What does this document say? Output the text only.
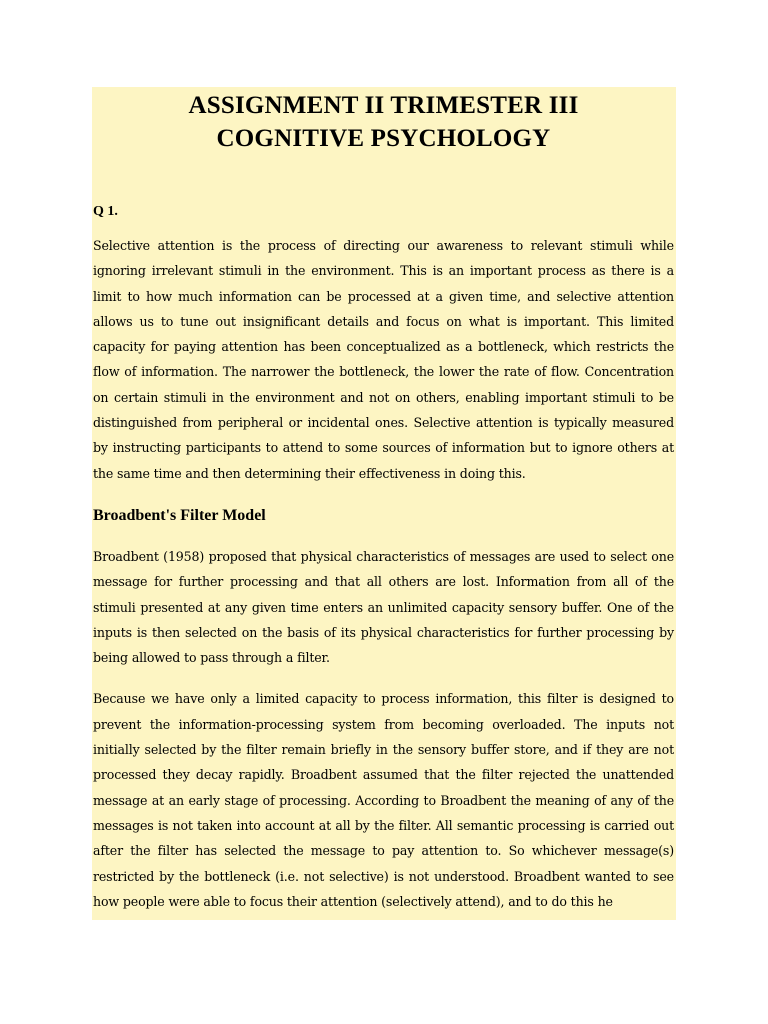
ASSIGNMENT II TRIMESTER III
COGNITIVE PSYCHOLOGY

Q 1.

Selective attention is the process of directing our awareness to relevant stimuli while ignoring irrelevant stimuli in the environment. This is an important process as there is a limit to how much information can be processed at a given time, and selective attention allows us to tune out insignificant details and focus on what is important. This limited capacity for paying attention has been conceptualized as a bottleneck, which restricts the flow of information. The narrower the bottleneck, the lower the rate of flow. Concentration on certain stimuli in the environment and not on others, enabling important stimuli to be distinguished from peripheral or incidental ones. Selective attention is typically measured by instructing participants to attend to some sources of information but to ignore others at the same time and then determining their effectiveness in doing this.

Broadbent's Filter Model

Broadbent (1958) proposed that physical characteristics of messages are used to select one message for further processing and that all others are lost. Information from all of the stimuli presented at any given time enters an unlimited capacity sensory buffer. One of the inputs is then selected on the basis of its physical characteristics for further processing by being allowed to pass through a filter.

Because we have only a limited capacity to process information, this filter is designed to prevent the information-processing system from becoming overloaded. The inputs not initially selected by the filter remain briefly in the sensory buffer store, and if they are not processed they decay rapidly. Broadbent assumed that the filter rejected the unattended message at an early stage of processing. According to Broadbent the meaning of any of the messages is not taken into account at all by the filter. All semantic processing is carried out after the filter has selected the message to pay attention to. So whichever message(s) restricted by the bottleneck (i.e. not selective) is not understood. Broadbent wanted to see how people were able to focus their attention (selectively attend), and to do this he
